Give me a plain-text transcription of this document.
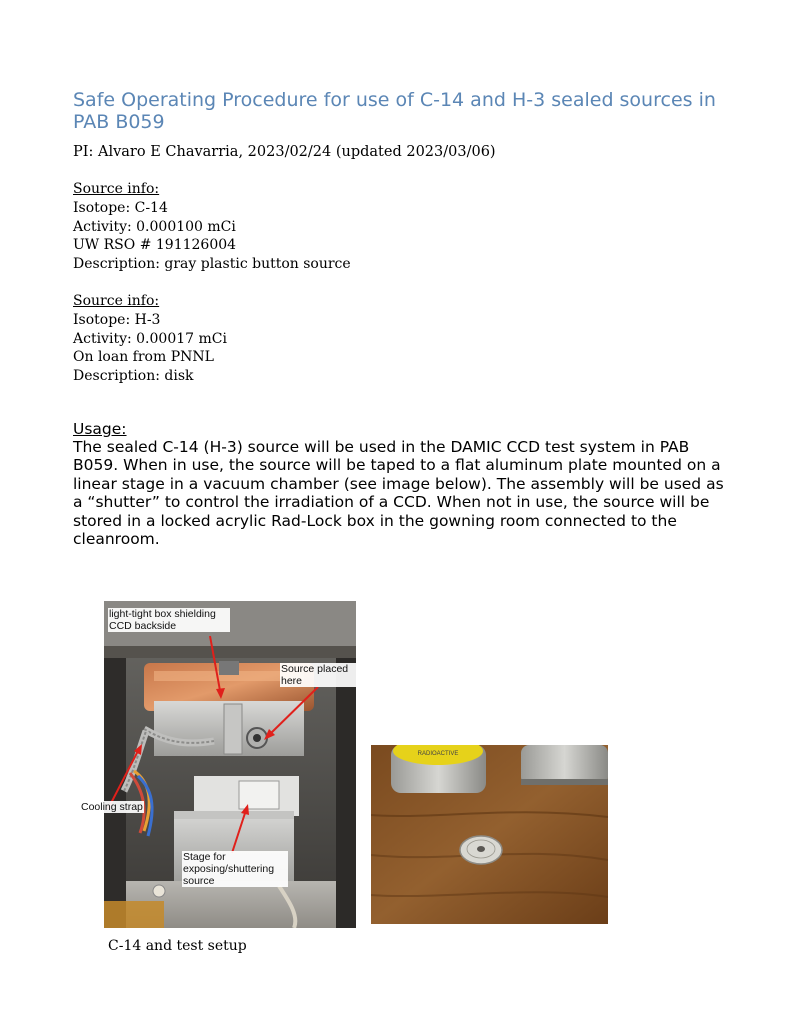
Safe Operating Procedure for use of C-14 and H-3 sealed sources in PAB B059
PI: Alvaro E Chavarria, 2023/02/24 (updated 2023/03/06)
Source info:
Isotope: C-14
Activity: 0.000100 mCi
UW RSO # 191126004
Description: gray plastic button source
Source info:
Isotope: H-3
Activity: 0.00017 mCi
On loan from PNNL
Description: disk
Usage:
The sealed C-14 (H-3) source will be used in the DAMIC CCD test system in PAB B059. When in use, the source will be taped to a flat aluminum plate mounted on a linear stage in a vacuum chamber (see image below). The assembly will be used as a “shutter” to control the irradiation of a CCD. When not in use, the source will be stored in a locked acrylic Rad-Lock box in the gowning room connected to the cleanroom.
light-tight box shielding CCD backside
Source placed here
Stage for exposing/shuttering source
Cooling strap
RADIOACTIVE
C-14 and test setup
